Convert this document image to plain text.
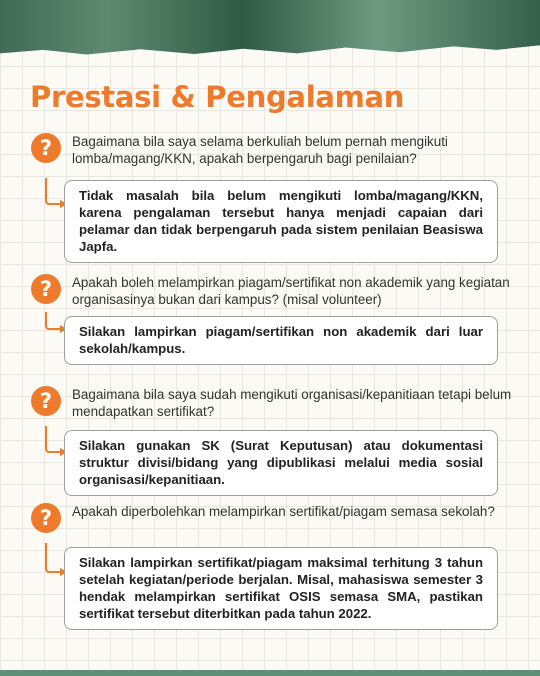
Prestasi & Pengalaman
?	Bagaimana bila saya selama berkuliah belum pernah mengikuti lomba/magang/KKN, apakah berpengaruh bagi penilaian?
Tidak masalah bila belum mengikuti lomba/magang/KKN, karena pengalaman tersebut hanya menjadi capaian dari pelamar dan tidak berpengaruh pada sistem penilaian Beasiswa Japfa.
?	Apakah boleh melampirkan piagam/sertifikat non akademik yang kegiatan organisasinya bukan dari kampus? (misal volunteer)
Silakan lampirkan piagam/sertifikan non akademik dari luar sekolah/kampus.
?	Bagaimana bila saya sudah mengikuti organisasi/kepanitiaan tetapi belum mendapatkan sertifikat?
Silakan gunakan SK (Surat Keputusan) atau dokumentasi struktur divisi/bidang yang dipublikasi melalui media sosial organisasi/kepanitiaan.
?	Apakah diperbolehkan melampirkan sertifikat/piagam semasa sekolah?
Silakan lampirkan sertifikat/piagam maksimal terhitung 3 tahun setelah kegiatan/periode berjalan. Misal, mahasiswa semester 3 hendak melampirkan sertifikat OSIS semasa SMA, pastikan sertifikat tersebut diterbitkan pada tahun 2022.
